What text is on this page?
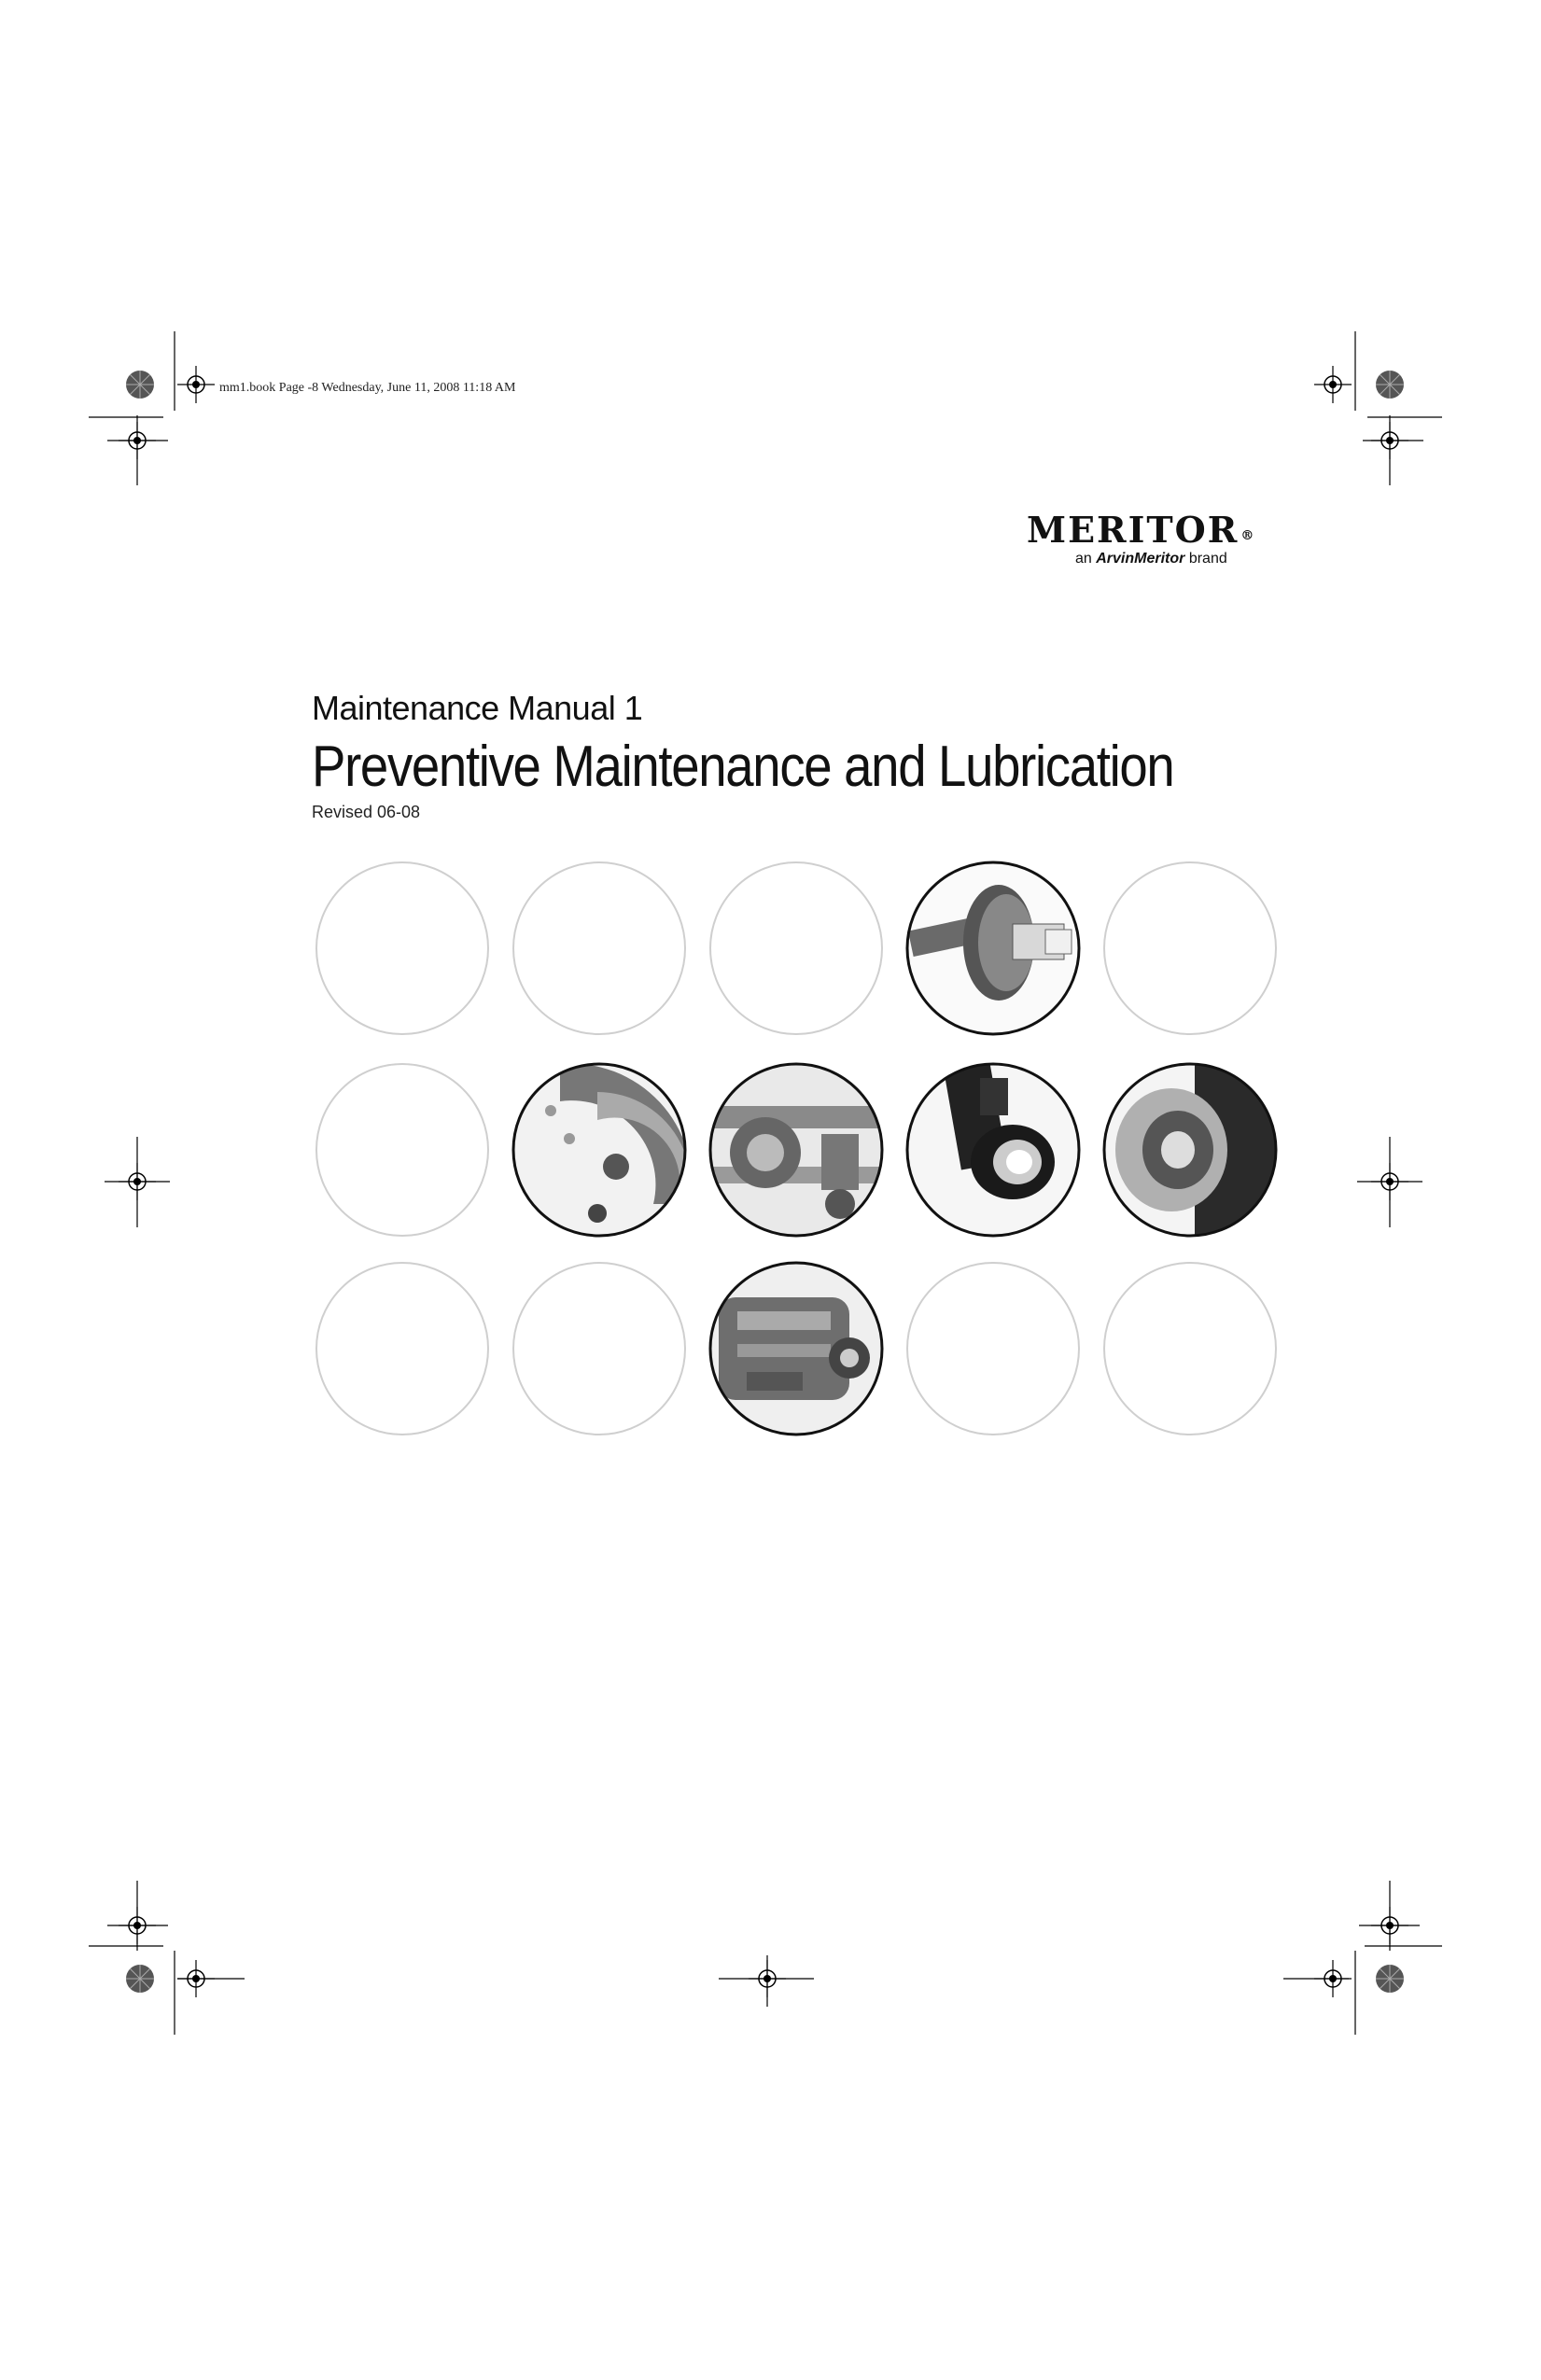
mm1.book Page -8 Wednesday, June 11, 2008 11:18 AM
MERITOR ®
an ArvinMeritor brand
Maintenance Manual 1
Preventive Maintenance and Lubrication
Revised 06-08
